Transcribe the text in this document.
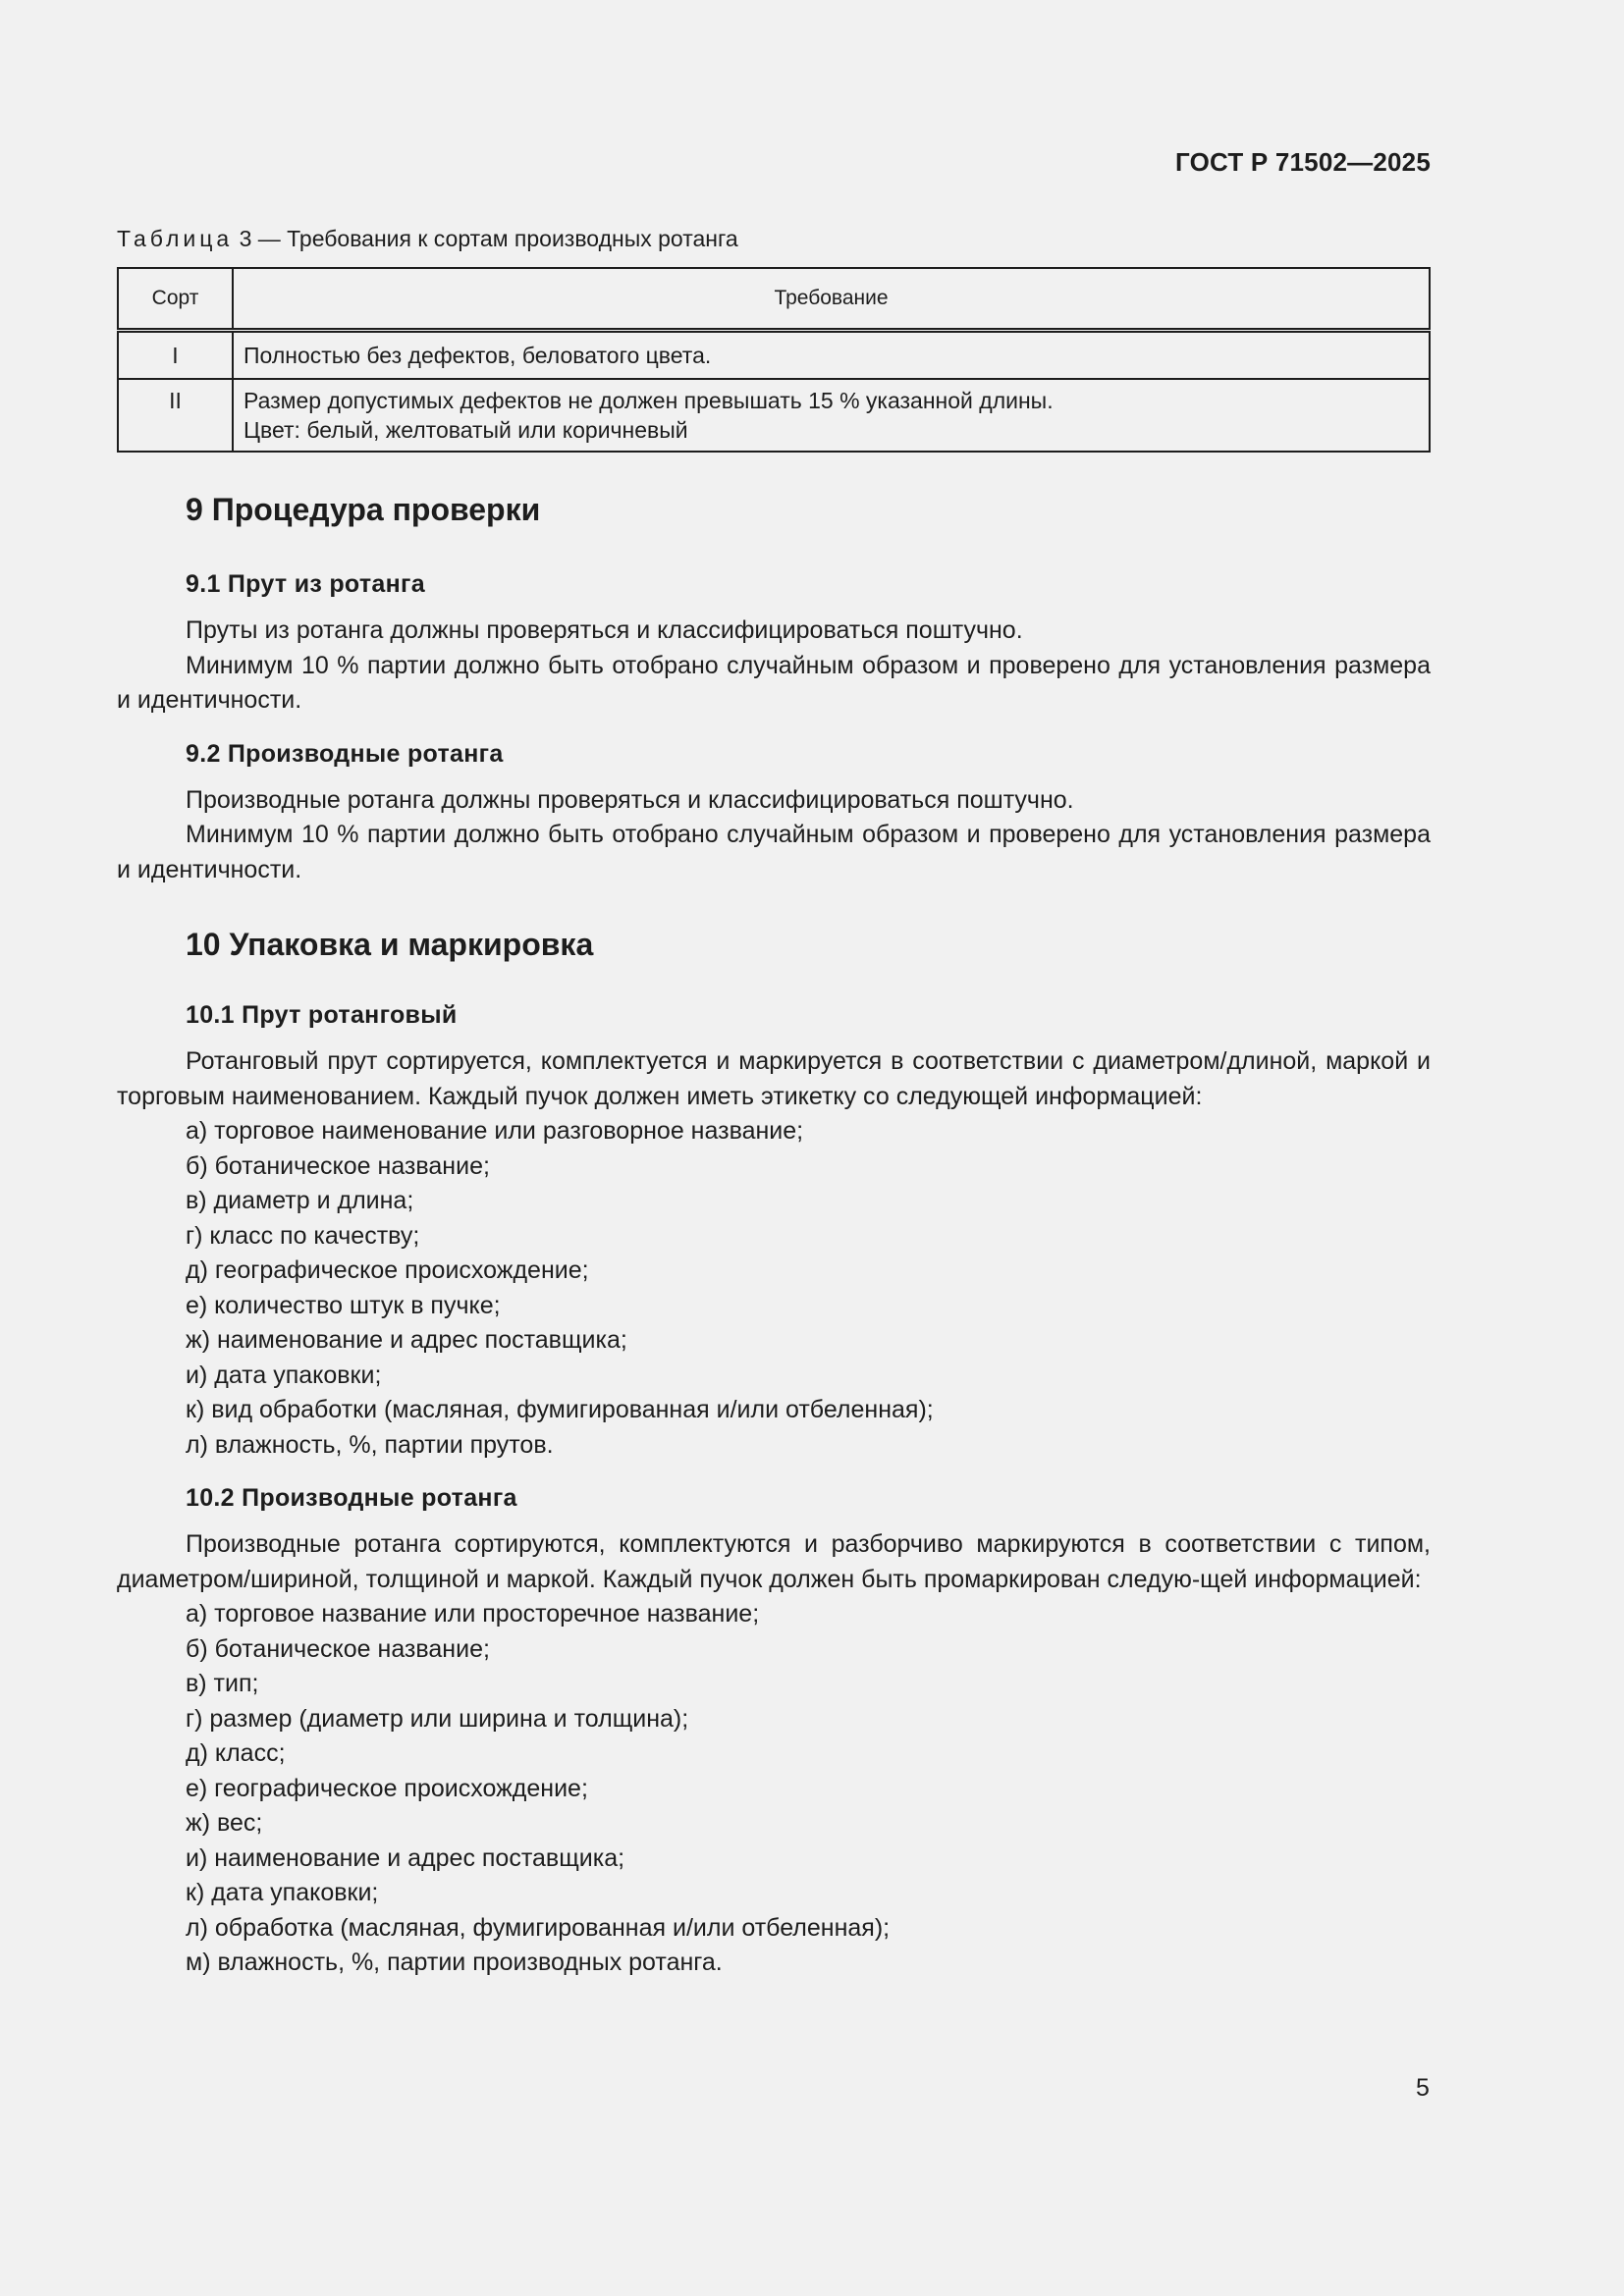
ГОСТ Р 71502—2025
Таблица 3 — Требования к сортам производных ротанга
Сорт	Требование
I	Полностью без дефектов, беловатого цвета.

II	Размер допустимых дефектов не должен превышать 15 % указанной длины.
Цвет: белый, желтоватый или коричневый
9 Процедура проверки
9.1 Прут из ротанга

Пруты из ротанга должны проверяться и классифицироваться поштучно.

Минимум 10 % партии должно быть отобрано случайным образом и проверено для установления размера и идентичности.

9.2 Производные ротанга

Производные ротанга должны проверяться и классифицироваться поштучно.

Минимум 10 % партии должно быть отобрано случайным образом и проверено для установления размера и идентичности.

10 Упаковка и маркировка
10.1 Прут ротанговый

Ротанговый прут сортируется, комплектуется и маркируется в соответствии с диаметром/длиной, маркой и торговым наименованием. Каждый пучок должен иметь этикетку со следующей информацией:

а) торговое наименование или разговорное название;
б) ботаническое название;
в) диаметр и длина;
г) класс по качеству;
д) географическое происхождение;
е) количество штук в пучке;
ж) наименование и адрес поставщика;
и) дата упаковки;
к) вид обработки (масляная, фумигированная и/или отбеленная);
л) влажность, %, партии прутов.
10.2 Производные ротанга

Производные ротанга сортируются, комплектуются и разборчиво маркируются в соответствии с типом, диаметром/шириной, толщиной и маркой. Каждый пучок должен быть промаркирован следую-щей информацией:

а) торговое название или просторечное название;
б) ботаническое название;
в) тип;
г) размер (диаметр или ширина и толщина);
д) класс;
е) географическое происхождение;
ж) вес;
и) наименование и адрес поставщика;
к) дата упаковки;
л) обработка (масляная, фумигированная и/или отбеленная);
м) влажность, %, партии производных ротанга.
5
